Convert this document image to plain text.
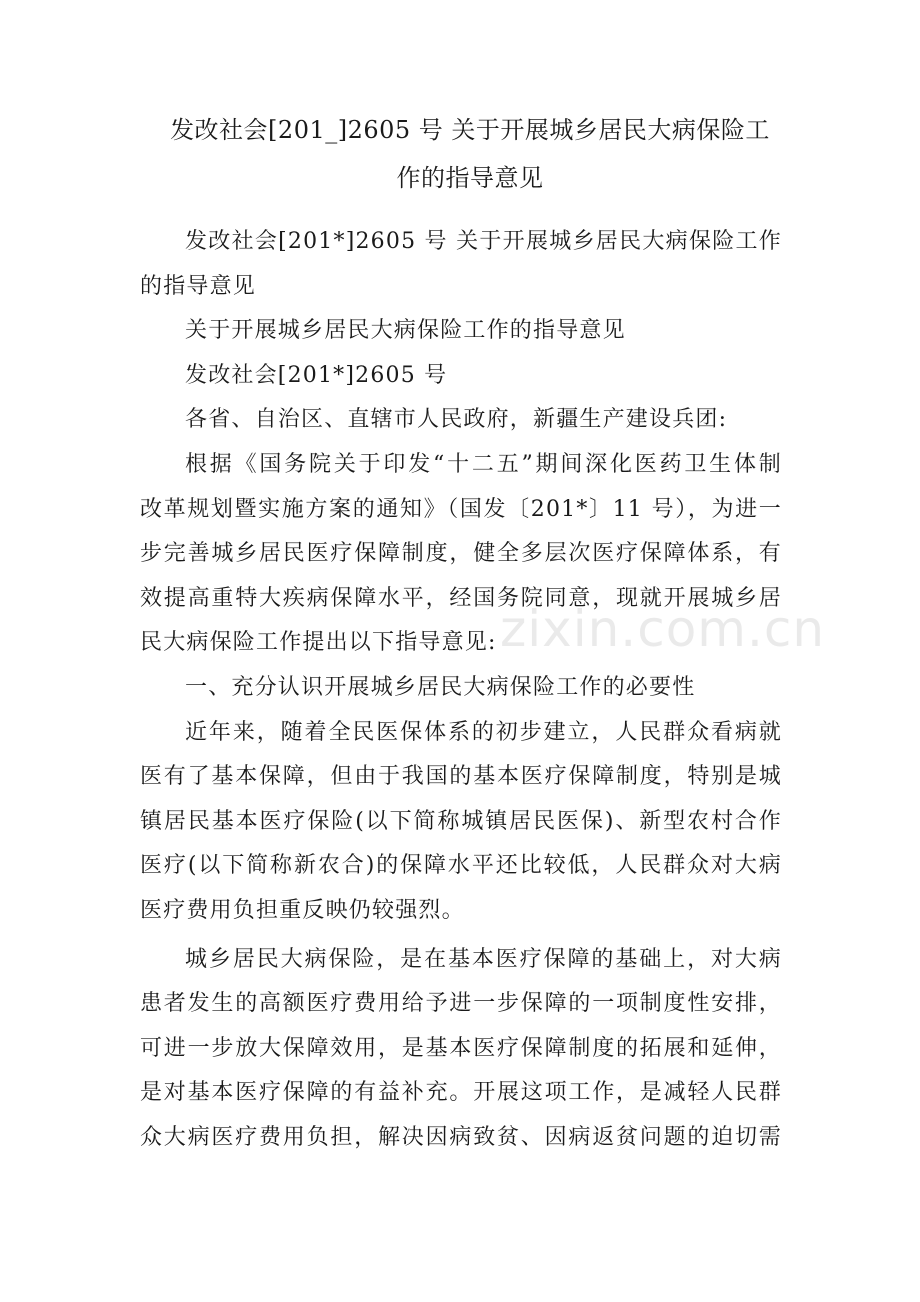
发改社会[201_]2605 号 关于开展城乡居民大病保险工
作的指导意见
发改社会[201*]2605 号 关于开展城乡居民大病保险工作
的指导意见
关于开展城乡居民大病保险工作的指导意见
发改社会[201*]2605 号
各省、自治区、直辖市人民政府，新疆生产建设兵团:
根据《国务院关于印发“十二五”期间深化医药卫生体制
改革规划暨实施方案的通知》（国发〔201*〕11 号），为进一
步完善城乡居民医疗保障制度，健全多层次医疗保障体系，有
效提高重特大疾病保障水平，经国务院同意，现就开展城乡居
民大病保险工作提出以下指导意见:
一、充分认识开展城乡居民大病保险工作的必要性
近年来，随着全民医保体系的初步建立，人民群众看病就
医有了基本保障，但由于我国的基本医疗保障制度，特别是城
镇居民基本医疗保险(以下简称城镇居民医保)、新型农村合作
医疗(以下简称新农合)的保障水平还比较低，人民群众对大病
医疗费用负担重反映仍较强烈。
城乡居民大病保险，是在基本医疗保障的基础上，对大病
患者发生的高额医疗费用给予进一步保障的一项制度性安排，
可进一步放大保障效用，是基本医疗保障制度的拓展和延伸，
是对基本医疗保障的有益补充。开展这项工作，是减轻人民群
众大病医疗费用负担，解决因病致贫、因病返贫问题的迫切需
zixin.com.cn
